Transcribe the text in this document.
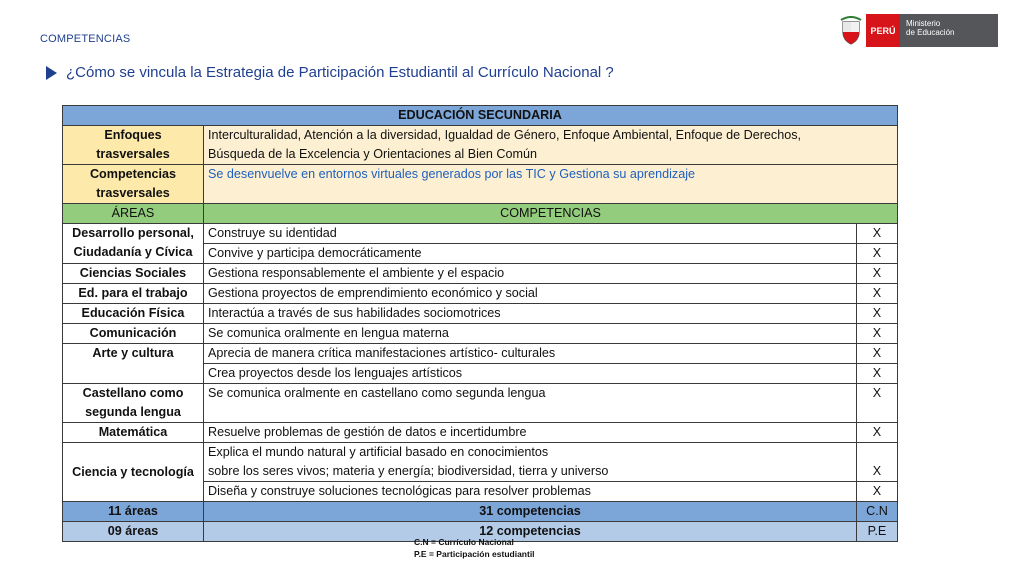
COMPETENCIAS
PERÚ
Ministerio
de Educación
¿Cómo se vincula la Estrategia de Participación Estudiantil al Currículo Nacional ?
EDUCACIÓN SECUNDARIA		
Enfoques trasversales	Interculturalidad, Atención a la diversidad, Igualdad de Género, Enfoque Ambiental, Enfoque de Derechos,
Búsqueda de la Excelencia y Orientaciones al Bien Común	

Competencias trasversales	Se desenvuelve en entornos virtuales generados por las TIC y Gestiona su aprendizaje	
ÁREAS	COMPETENCIAS	
Desarrollo personal, Ciudadanía y Cívica	Construye su identidad	X
	Convive y participa democráticamente	X
Ciencias Sociales	Gestiona responsablemente el ambiente y el espacio	X
Ed. para el trabajo	Gestiona proyectos de emprendimiento económico y social	X
Educación Física	Interactúa a través de sus habilidades sociomotrices	X
Comunicación	Se comunica oralmente en lengua materna	X
Arte y cultura	Aprecia de manera crítica manifestaciones artístico- culturales	X
	Crea proyectos desde los lenguajes artísticos	X
Castellano como segunda lengua	Se comunica oralmente en castellano como segunda lengua	X
Matemática	Resuelve problemas de gestión de datos e incertidumbre	X
Ciencia y tecnología	Explica el mundo natural y artificial basado en conocimientos
sobre los seres vivos; materia y energía; biodiversidad, tierra y universo	X
	Diseña y construye soluciones tecnológicas para resolver problemas	X
11 áreas	31 competencias	C.N
09 áreas	12 competencias	P.E
C.N = Currículo Nacional
P.E = Participación estudiantil
